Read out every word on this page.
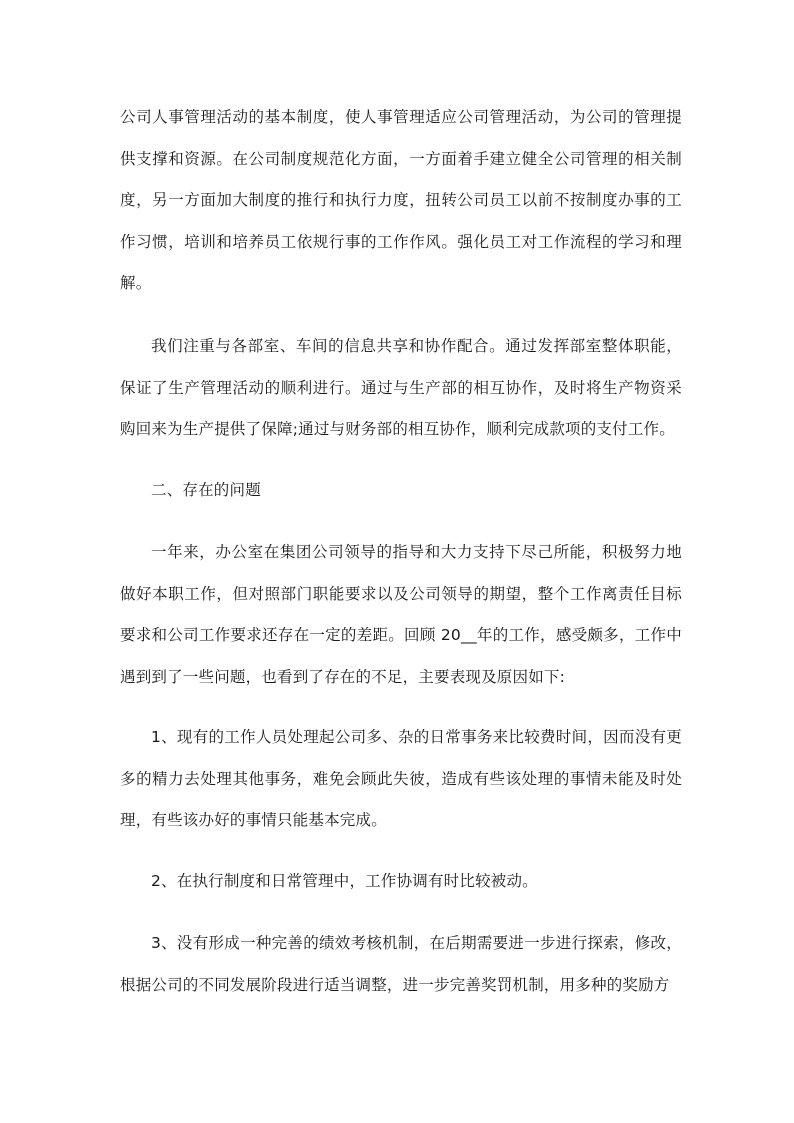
公司人事管理活动的基本制度，使人事管理适应公司管理活动，为公司的管理提供支撑和资源。在公司制度规范化方面，一方面着手建立健全公司管理的相关制度，另一方面加大制度的推行和执行力度，扭转公司员工以前不按制度办事的工作习惯，培训和培养员工依规行事的工作作风。强化员工对工作流程的学习和理解。

我们注重与各部室、车间的信息共享和协作配合。通过发挥部室整体职能，保证了生产管理活动的顺利进行。通过与生产部的相互协作，及时将生产物资采购回来为生产提供了保障;通过与财务部的相互协作，顺利完成款项的支付工作。

二、存在的问题

一年来，办公室在集团公司领导的指导和大力支持下尽己所能，积极努力地做好本职工作，但对照部门职能要求以及公司领导的期望，整个工作离责任目标要求和公司工作要求还存在一定的差距。回顾 20__年的工作，感受颇多，工作中遇到到了一些问题，也看到了存在的不足，主要表现及原因如下:

1、现有的工作人员处理起公司多、杂的日常事务来比较费时间，因而没有更多的精力去处理其他事务，难免会顾此失彼，造成有些该处理的事情未能及时处理，有些该办好的事情只能基本完成。

2、在执行制度和日常管理中，工作协调有时比较被动。

3、没有形成一种完善的绩效考核机制，在后期需要进一步进行探索，修改，根据公司的不同发展阶段进行适当调整，进一步完善奖罚机制，用多种的奖励方
